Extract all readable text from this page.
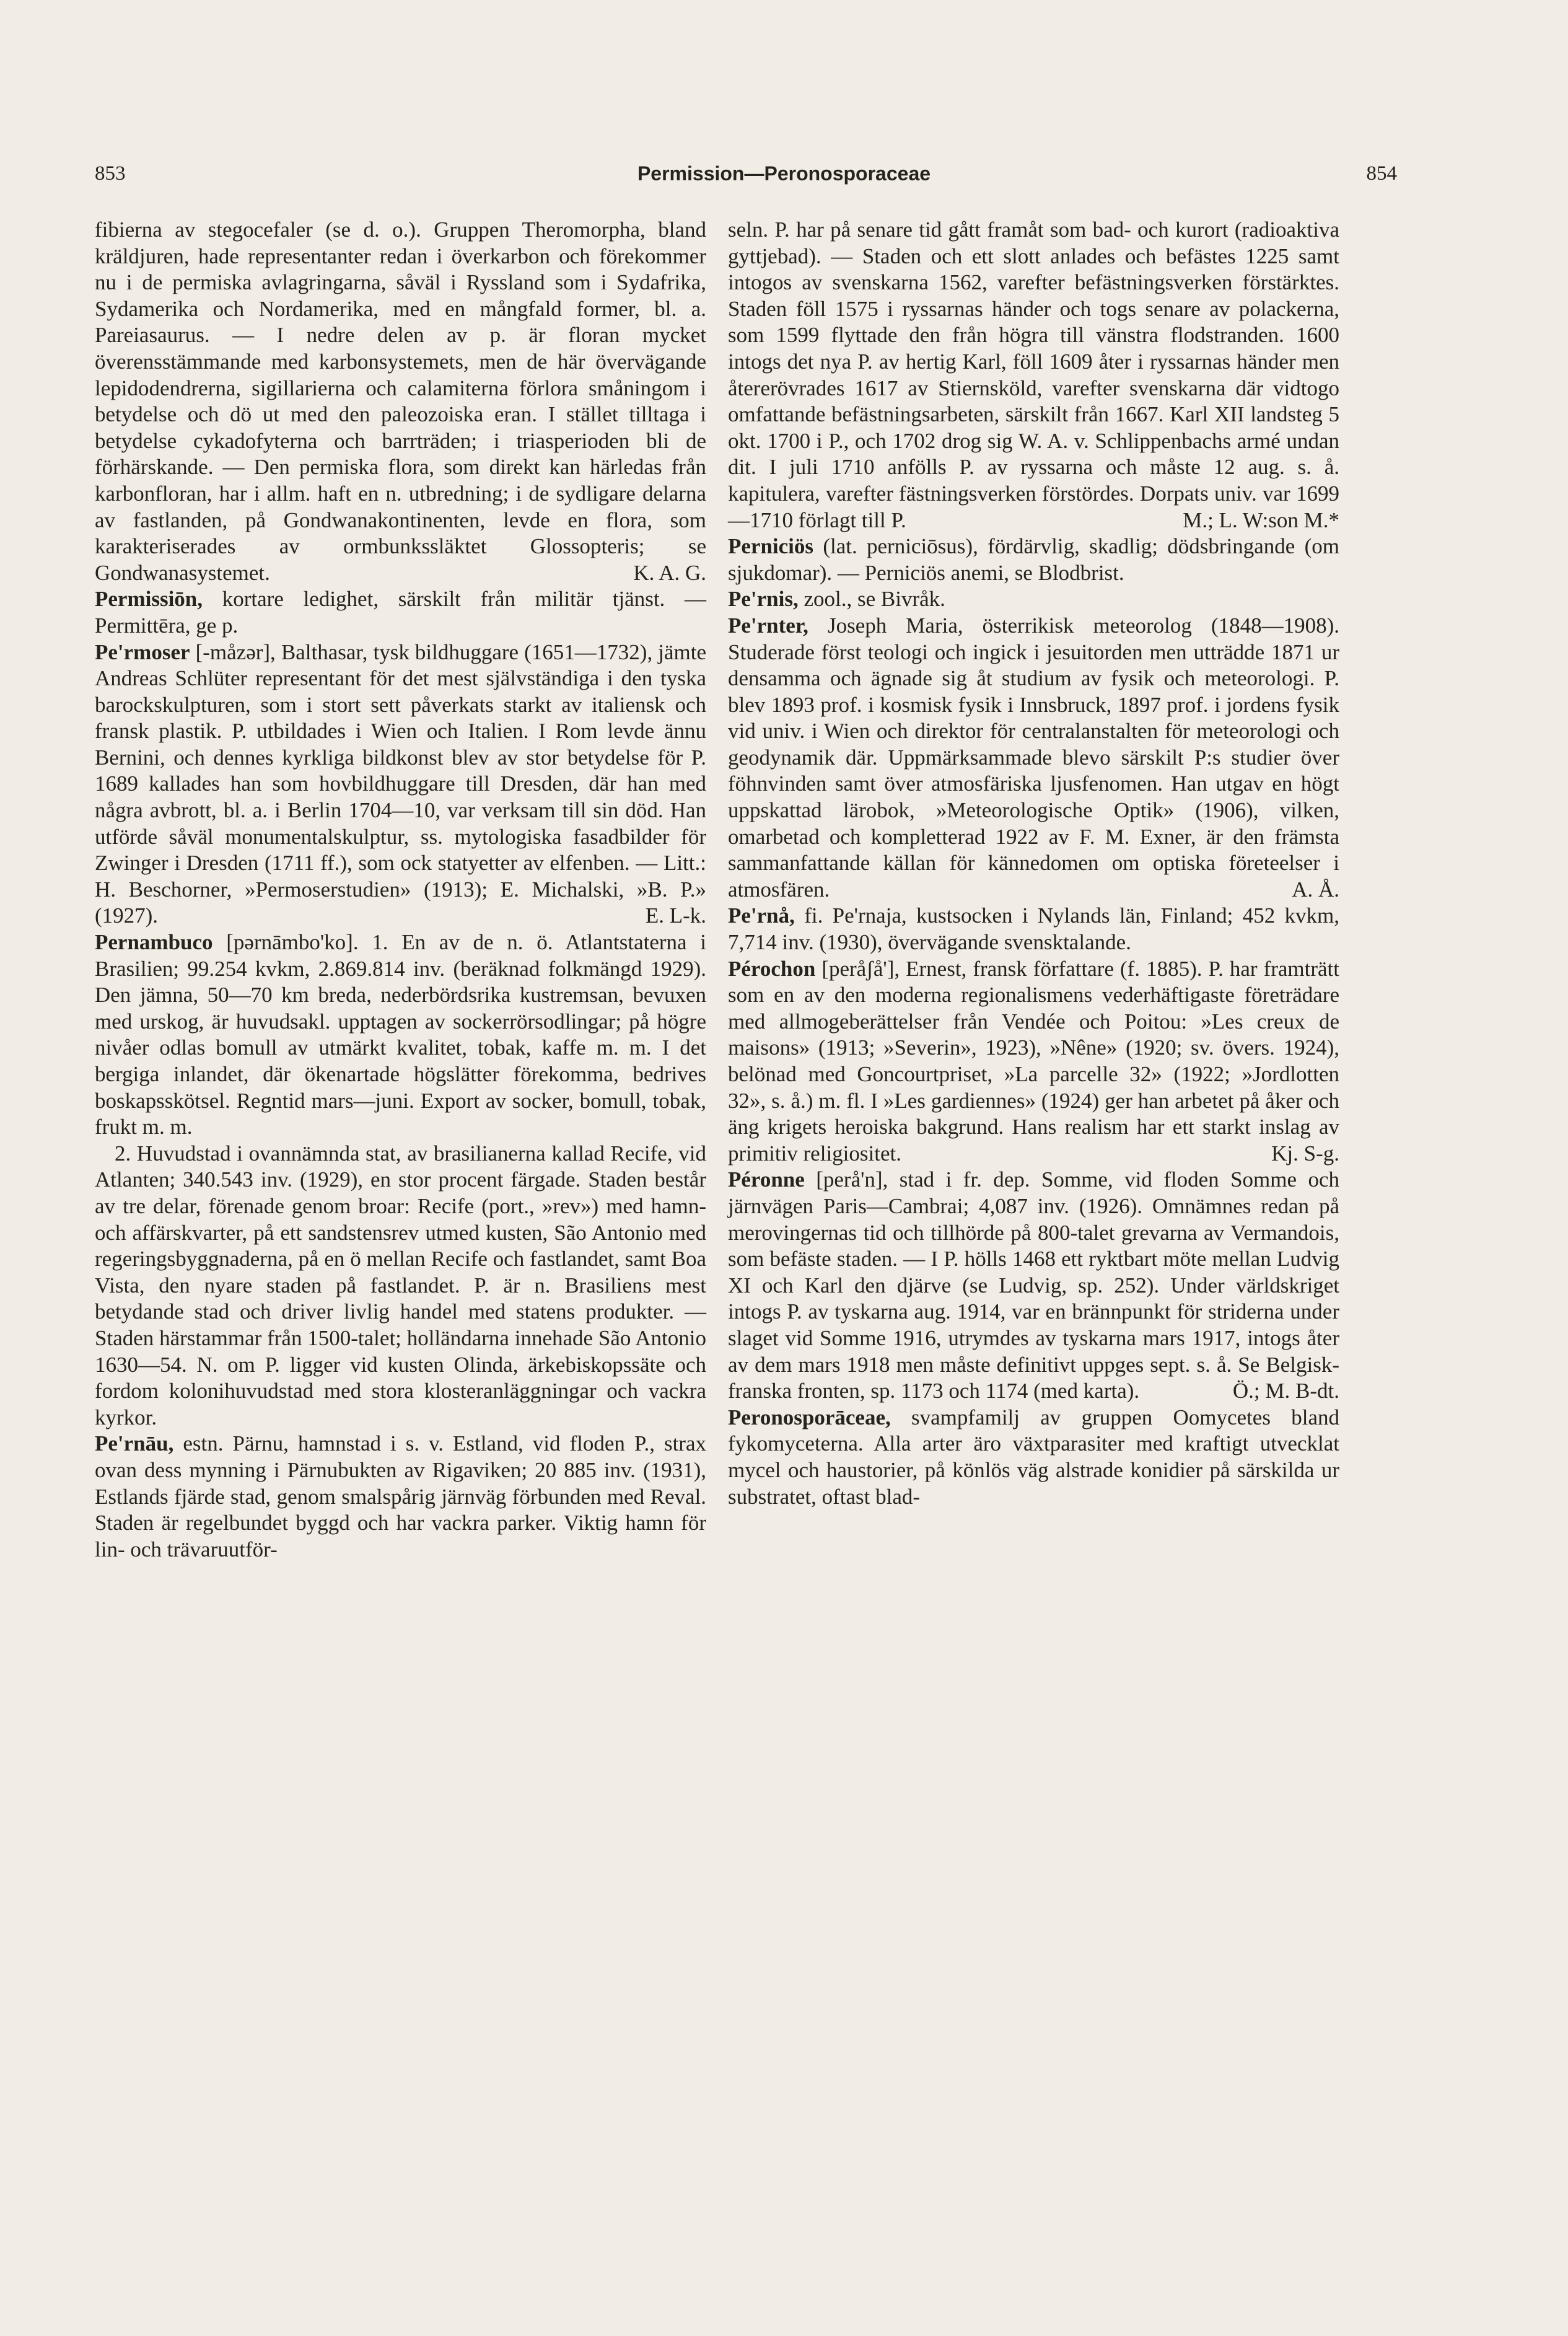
853	Permission—Peronosporaceae	854

fibierna av stegocefaler (se d. o.). Gruppen Theromorpha, bland kräldjuren, hade representanter redan i överkarbon och förekommer nu i de permiska avlagringarna, såväl i Ryssland som i Sydafrika, Sydamerika och Nordamerika, med en mångfald former, bl. a. Pareiasaurus. — I nedre delen av p. är floran mycket överensstämmande med karbonsystemets, men de här övervägande lepidodendrerna, sigillarierna och calamiterna förlora småningom i betydelse och dö ut med den paleozoiska eran. I stället tilltaga i betydelse cykadofyterna och barrträden; i triasperioden bli de förhärskande. — Den permiska flora, som direkt kan härledas från karbonfloran, har i allm. haft en n. utbredning; i de sydligare delarna av fastlanden, på Gondwanakontinenten, levde en flora, som karakteriserades av ormbunkssläktet Glossopteris; se Gondwanasystemet.	K. A. G.

Permissiōn, kortare ledighet, särskilt från militär tjänst. — Permittēra, ge p.

Pe'rmoser [-måzər], Balthasar, tysk bildhuggare (1651—1732), jämte Andreas Schlüter representant för det mest självständiga i den tyska barockskulpturen, som i stort sett påverkats starkt av italiensk och fransk plastik. P. utbildades i Wien och Italien. I Rom levde ännu Bernini, och dennes kyrkliga bildkonst blev av stor betydelse för P. 1689 kallades han som hovbildhuggare till Dresden, där han med några avbrott, bl. a. i Berlin 1704—10, var verksam till sin död. Han utförde såväl monumentalskulptur, ss. mytologiska fasadbilder för Zwinger i Dresden (1711 ff.), som ock statyetter av elfenben. — Litt.: H. Beschorner, »Permoserstudien» (1913); E. Michalski, »B. P.» (1927).	E. L-k.

Pernambuco [pərnāmbo'ko]. 1. En av de n. ö. Atlantstaterna i Brasilien; 99.254 kvkm, 2.869.814 inv. (beräknad folkmängd 1929). Den jämna, 50—70 km breda, nederbördsrika kustremsan, bevuxen med urskog, är huvudsakl. upptagen av sockerrörsodlingar; på högre nivåer odlas bomull av utmärkt kvalitet, tobak, kaffe m. m. I det bergiga inlandet, där ökenartade högslätter förekomma, bedrives boskapsskötsel. Regntid mars—juni. Export av socker, bomull, tobak, frukt m. m.

2. Huvudstad i ovannämnda stat, av brasilianerna kallad Recife, vid Atlanten; 340.543 inv. (1929), en stor procent färgade. Staden består av tre delar, förenade genom broar: Recife (port., »rev») med hamn- och affärskvarter, på ett sandstensrev utmed kusten, São Antonio med regeringsbyggnaderna, på en ö mellan Recife och fastlandet, samt Boa Vista, den nyare staden på fastlandet. P. är n. Brasiliens mest betydande stad och driver livlig handel med statens produkter. — Staden härstammar från 1500-talet; holländarna innehade São Antonio 1630—54. N. om P. ligger vid kusten Olinda, ärkebiskopssäte och fordom kolonihuvudstad med stora klosteranläggningar och vackra kyrkor.

Pe'rnāu, estn. Pärnu, hamnstad i s. v. Estland, vid floden P., strax ovan dess mynning i Pärnubukten av Rigaviken; 20 885 inv. (1931), Estlands fjärde stad, genom smalspårig järnväg förbunden med Reval. Staden är regelbundet byggd och har vackra parker. Viktig hamn för lin- och trävaruutför-

seln. P. har på senare tid gått framåt som bad- och kurort (radioaktiva gyttjebad). — Staden och ett slott anlades och befästes 1225 samt intogos av svenskarna 1562, varefter befästningsverken förstärktes. Staden föll 1575 i ryssarnas händer och togs senare av polackerna, som 1599 flyttade den från högra till vänstra flodstranden. 1600 intogs det nya P. av hertig Karl, föll 1609 åter i ryssarnas händer men återerövrades 1617 av Stiernsköld, varefter svenskarna där vidtogo omfattande befästningsarbeten, särskilt från 1667. Karl XII landsteg 5 okt. 1700 i P., och 1702 drog sig W. A. v. Schlippenbachs armé undan dit. I juli 1710 anfölls P. av ryssarna och måste 12 aug. s. å. kapitulera, varefter fästningsverken förstördes. Dorpats univ. var 1699—1710 förlagt till P.	M.; L. W:son M.*

Perniciös (lat. perniciōsus), fördärvlig, skadlig; dödsbringande (om sjukdomar). — Perniciös anemi, se Blodbrist.

Pe'rnis, zool., se Bivråk.

Pe'rnter, Joseph Maria, österrikisk meteorolog (1848—1908). Studerade först teologi och ingick i jesuitorden men utträdde 1871 ur densamma och ägnade sig åt studium av fysik och meteorologi. P. blev 1893 prof. i kosmisk fysik i Innsbruck, 1897 prof. i jordens fysik vid univ. i Wien och direktor för centralanstalten för meteorologi och geodynamik där. Uppmärksammade blevo särskilt P:s studier över föhnvinden samt över atmosfäriska ljusfenomen. Han utgav en högt uppskattad lärobok, »Meteorologische Optik» (1906), vilken, omarbetad och kompletterad 1922 av F. M. Exner, är den främsta sammanfattande källan för kännedomen om optiska företeelser i atmosfären.	A. Å.

Pe'rnå, fi. Pe'rnaja, kustsocken i Nylands län, Finland; 452 kvkm, 7,714 inv. (1930), övervägande svensktalande.

Pérochon [peråʃå'], Ernest, fransk författare (f. 1885). P. har framträtt som en av den moderna regionalismens vederhäftigaste företrädare med allmogeberättelser från Vendée och Poitou: »Les creux de maisons» (1913; »Severin», 1923), »Nêne» (1920; sv. övers. 1924), belönad med Goncourtpriset, »La parcelle 32» (1922; »Jordlotten 32», s. å.) m. fl. I »Les gardiennes» (1924) ger han arbetet på åker och äng krigets heroiska bakgrund. Hans realism har ett starkt inslag av primitiv religiositet.	Kj. S-g.

Péronne [perå'n], stad i fr. dep. Somme, vid floden Somme och järnvägen Paris—Cambrai; 4,087 inv. (1926). Omnämnes redan på merovingernas tid och tillhörde på 800-talet grevarna av Vermandois, som befäste staden. — I P. hölls 1468 ett ryktbart möte mellan Ludvig XI och Karl den djärve (se Ludvig, sp. 252). Under världskriget intogs P. av tyskarna aug. 1914, var en brännpunkt för striderna under slaget vid Somme 1916, utrymdes av tyskarna mars 1917, intogs åter av dem mars 1918 men måste definitivt uppges sept. s. å. Se Belgisk-franska fronten, sp. 1173 och 1174 (med karta).	Ö.; M. B-dt.

Peronosporāceae, svampfamilj av gruppen Oomycetes bland fykomyceterna. Alla arter äro växtparasiter med kraftigt utvecklat mycel och haustorier, på könlös väg alstrade konidier på särskilda ur substratet, oftast blad-
